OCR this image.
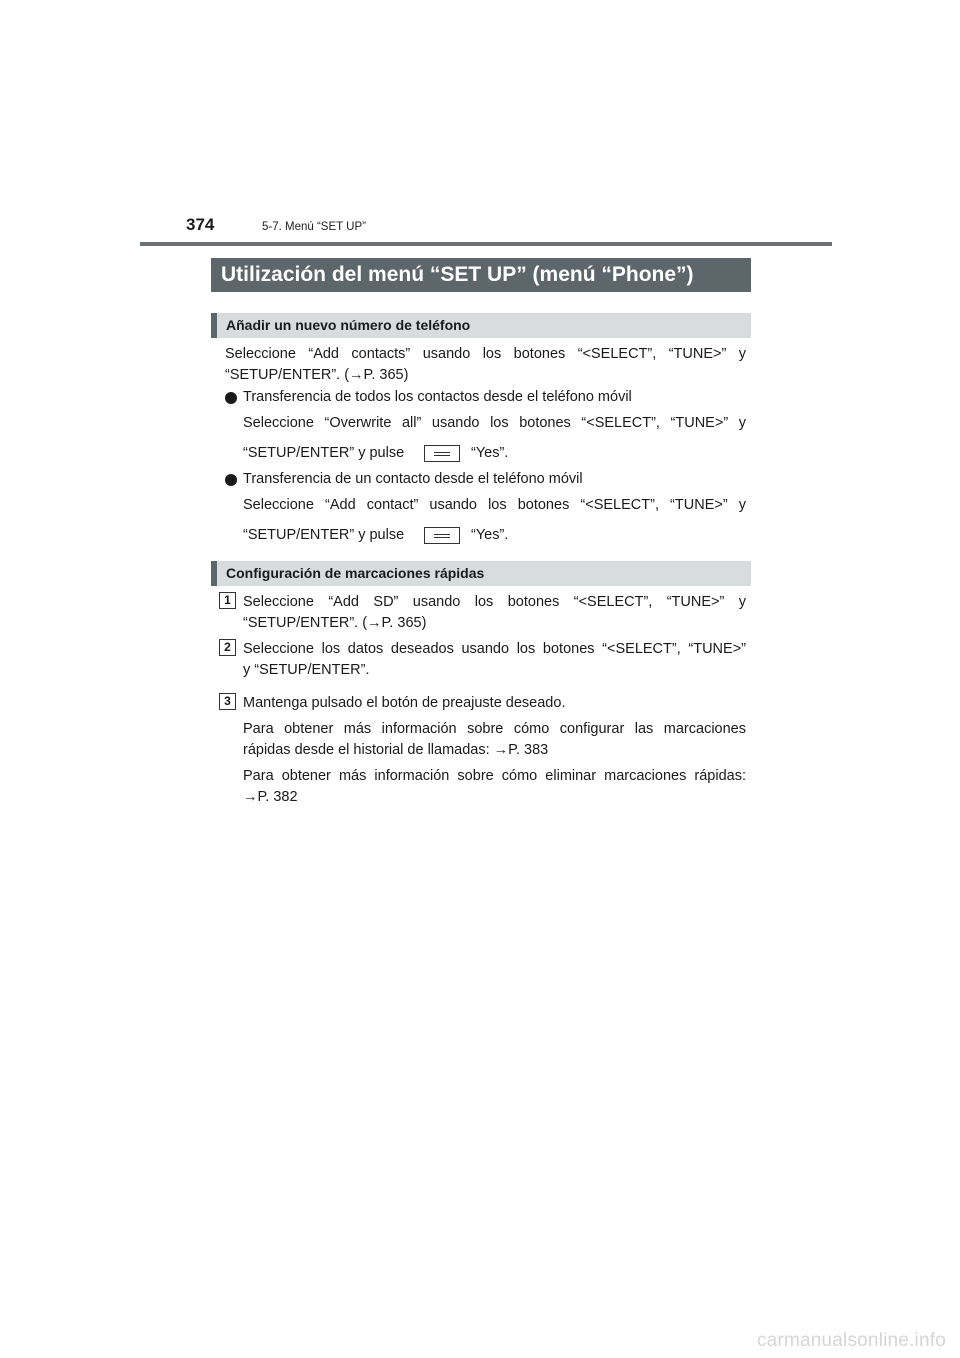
374	5-7. Menú “SET UP”
Utilización del menú “SET UP” (menú “Phone”)
Añadir un nuevo número de teléfono
Seleccione “Add contacts” usando los botones “<SELECT”, “TUNE>” y
“SETUP/ENTER”. (→P. 365)
Transferencia de todos los contactos desde el teléfono móvil
Seleccione “Overwrite all” usando los botones “<SELECT”, “TUNE>” y
“SETUP/ENTER” y pulse	“Yes”.
Transferencia de un contacto desde el teléfono móvil
Seleccione “Add contact” usando los botones “<SELECT”, “TUNE>” y
“SETUP/ENTER” y pulse	“Yes”.
Configuración de marcaciones rápidas
1 Seleccione “Add SD” usando los botones “<SELECT”, “TUNE>” y
“SETUP/ENTER”. (→P. 365)
2 Seleccione los datos deseados usando los botones “<SELECT”, “TUNE>”
y “SETUP/ENTER”.
3 Mantenga pulsado el botón de preajuste deseado.
Para obtener más información sobre cómo configurar las marcaciones
rápidas desde el historial de llamadas: →P. 383
Para obtener más información sobre cómo eliminar marcaciones rápidas:
→P. 382
carmanualsonline.info
